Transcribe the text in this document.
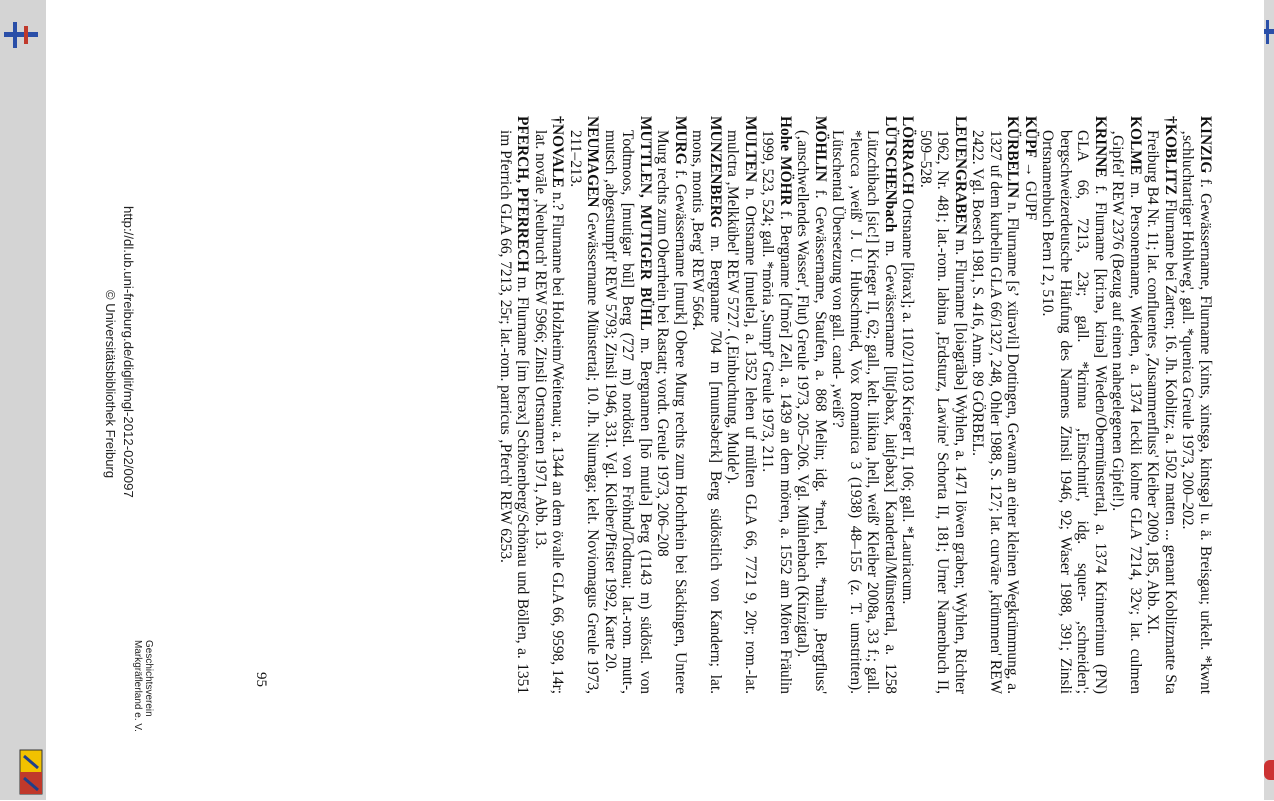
KINZIG f. Gewässername, Flurname [xints, xintsgə, kintsgə] u. ä. Breisgau; urkelt. *kwnt ‚schluchtartiger Hohlweg', gall. *quenica Greule 1973, 200–202.

†KOBLITZ Flurname bei Zarten; 16. Jh. Koblitz; a. 1502 matten ... genant Koblitzmatte Sta Freiburg B4 Nr. 11; lat. confluentes ‚Zusammenfluss' Kleiber 2009, 185, Abb. XI.

KOLME m. Personenname, Wieden, a. 1374 Ieckli kolme GLA 7214, 32v; lat. culmen ‚Gipfel' REW 2376 (Bezug auf einen nahegelegenen Gipfel!).

KRINNE f. Flurname [kriːnə, krinə] Wieden/Obermünstertal, a. 1374 Krinnerinun (PN) GLA 66, 7213, 23r; gall. *krinna ‚Einschnitt', idg. squer- ‚schneiden'; bergschweizerdeutsche Häufung des Namens Zinsli 1946, 92; Waser 1988, 391; Zinsli Ortsnamenbuch Bern I 2, 510.

KÜPF → GUPF

KÜRBELIN n. Flurname [sʼ xürəvli] Dottingen, Gewann an einer kleinen Wegkrümmung, a. 1327 uf dem kurbelin GLA 66/1327, 248, Ohler 1988, S. 127; lat. curvāre ‚krümmen' REW 2422. Vgl. Boesch 1981, S. 416, Anm. 89 GÖRBEL.

LEUENGRABEN m. Flurname [loiəgrābə] Wyhlen, a. 1471 löwen graben; Wyhlen, Richter 1962, Nr. 481; lat.-rom. labina ‚Erdsturz, Lawine' Schorta II, 181; Urner Namenbuch II, 509–528.

LÖRRACH Ortsname [lörax]; a. 1102/1103 Krieger II, 106; gall. *Lauriacum.

LÜTSCHENbach m. Gewässername [lütʃəbax, laitʃəbax] Kandertal/Münstertal, a. 1258 Lützchibach [sic!] Krieger II, 62; gall., kelt. liikina ‚hell, weiß' Kleiber 2008a, 33 f.; gall. *leucca ‚weiß' J. U. Hubschmied, Vox Romanica 3 (1938) 48–155 (z. T. umstritten). Lütschental Übersetzung von gall. cand- ‚weiß'?

MÖHLIN f. Gewässername, Staufen, a. 868 Melin; idg. *mel, kelt. *malin ‚Bergfluss' (‚anschwellendes Wasser', Flut) Greule 1973, 205–206. Vgl. Mühlenbach (Kinzigtal).

Hohe MÖHR f. Bergname [d'mōr] Zell, a. 1439 an dem mören, a. 1552 am Mören Fräulin 1999, 523, 524; gall. *mōria ‚Sumpf' Greule 1973, 211.

MULTEN n. Ortsname [mueltə], a. 1352 lehen uf mülten GLA 66, 7721 9, 20r; rom.-lat. mulctra ‚Melkkübel' REW 5727. (‚Einbuchtung, Mulde').

MUNZENBERG m. Bergname 704 m [muntsəbɛrk] Berg südöstlich von Kandern; lat. mons, montis ‚Berg' REW 5664.

MURG f. Gewässername [murk] Obere Murg rechts zum Hochrhein bei Säckingen, Untere Murg rechts zum Oberrhein bei Rastatt; vordt. Greule 1973, 206–208

MUTTLEN, MUTIGER BÜHL m. Bergnamen [hō mutlə] Berg (1143 m) südöstl. von Todtmoos, [mutigər būl] Berg (727 m) nordöstl. von Fröhnd/Todtnau; lat.-rom. mutt-, mutsch ‚abgestumpft' REW 5793; Zinsli 1946, 331. Vgl. Kleiber/Pfister 1992, Karte 20.

NEUMAGEN Gewässername Münstertal; 10. Jh. Niumaga; kelt. Noviomagus Greule 1973, 211–213.

†NOVALE n.? Flurname bei Holzheim/Weitenau; a. 1344 an dem övalle GLA 66, 9598, 14r; lat. novāle ‚Neubruch' REW 5966; Zinsli Ortsnamen 1971, Abb. 13.

PFERCH, PFERRECH m. Flurname [im bɛrəx] Schönenberg/Schönau und Böllen, a. 1351 im Pferrich GLA 66, 7213, 25r; lat.-rom. parricus ‚Pferch' REW 6253.

95
http://dl.ub.uni-freiburg.de/diglit/mgl-2012-02/0097
© Universitätsbibliothek Freiburg
Geschichtsverein
Markgräflerland e. V.
